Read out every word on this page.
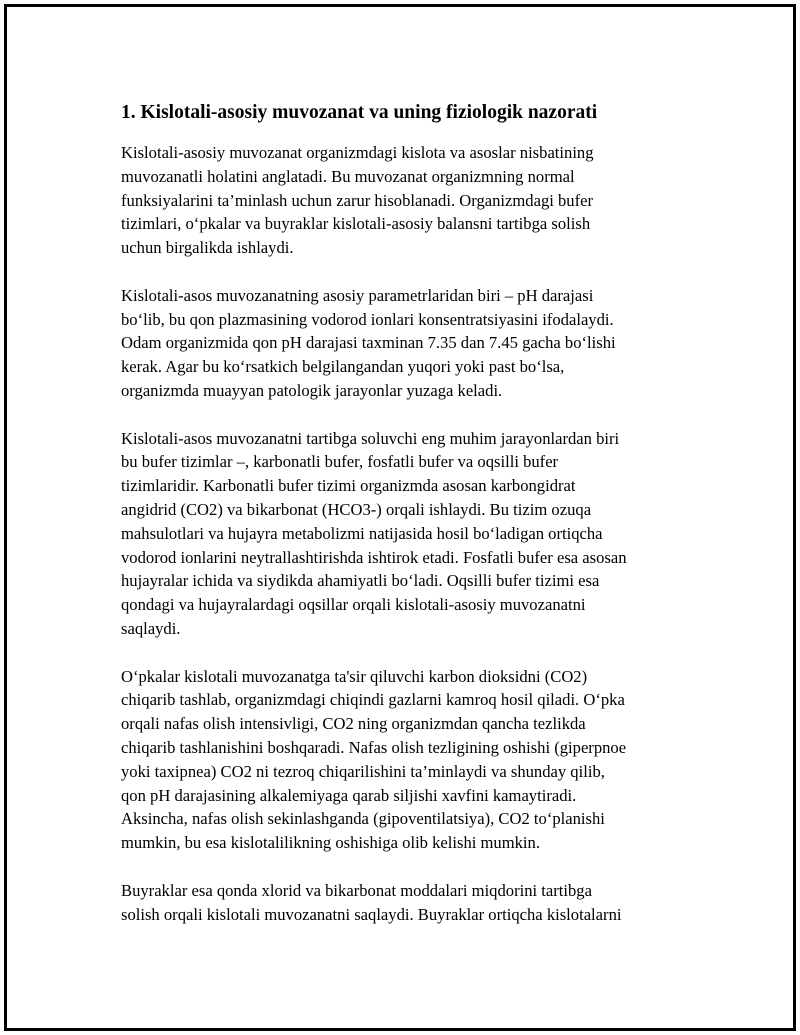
1. Kislotali-asosiy muvozanat va uning fiziologik nazorati

Kislotali-asosiy muvozanat organizmdagi kislota va asoslar nisbatining
muvozanatli holatini anglatadi. Bu muvozanat organizmning normal
funksiyalarini ta’minlash uchun zarur hisoblanadi. Organizmdagi bufer
tizimlari, o‘pkalar va buyraklar kislotali-asosiy balansni tartibga solish
uchun birgalikda ishlaydi.

Kislotali-asos muvozanatning asosiy parametrlaridan biri – pH darajasi
bo‘lib, bu qon plazmasining vodorod ionlari konsentratsiyasini ifodalaydi.
Odam organizmida qon pH darajasi taxminan 7.35 dan 7.45 gacha bo‘lishi
kerak. Agar bu ko‘rsatkich belgilangandan yuqori yoki past bo‘lsa,
organizmda muayyan patologik jarayonlar yuzaga keladi.

Kislotali-asos muvozanatni tartibga soluvchi eng muhim jarayonlardan biri
bu bufer tizimlar –, karbonatli bufer, fosfatli bufer va oqsilli bufer
tizimlaridir. Karbonatli bufer tizimi organizmda asosan karbongidrat
angidrid (CO2) va bikarbonat (HCO3-) orqali ishlaydi. Bu tizim ozuqa
mahsulotlari va hujayra metabolizmi natijasida hosil bo‘ladigan ortiqcha
vodorod ionlarini neytrallashtirishda ishtirok etadi. Fosfatli bufer esa asosan
hujayralar ichida va siydikda ahamiyatli bo‘ladi. Oqsilli bufer tizimi esa
qondagi va hujayralardagi oqsillar orqali kislotali-asosiy muvozanatni
saqlaydi.

O‘pkalar kislotali muvozanatga ta'sir qiluvchi karbon dioksidni (CO2)
chiqarib tashlab, organizmdagi chiqindi gazlarni kamroq hosil qiladi. O‘pka
orqali nafas olish intensivligi, CO2 ning organizmdan qancha tezlikda
chiqarib tashlanishini boshqaradi. Nafas olish tezligining oshishi (giperpnoe
yoki taxipnea) CO2 ni tezroq chiqarilishini ta’minlaydi va shunday qilib,
qon pH darajasining alkalemiyaga qarab siljishi xavfini kamaytiradi.
Aksincha, nafas olish sekinlashganda (gipoventilatsiya), CO2 to‘planishi
mumkin, bu esa kislotalilikning oshishiga olib kelishi mumkin.

Buyraklar esa qonda xlorid va bikarbonat moddalari miqdorini tartibga
solish orqali kislotali muvozanatni saqlaydi. Buyraklar ortiqcha kislotalarni
